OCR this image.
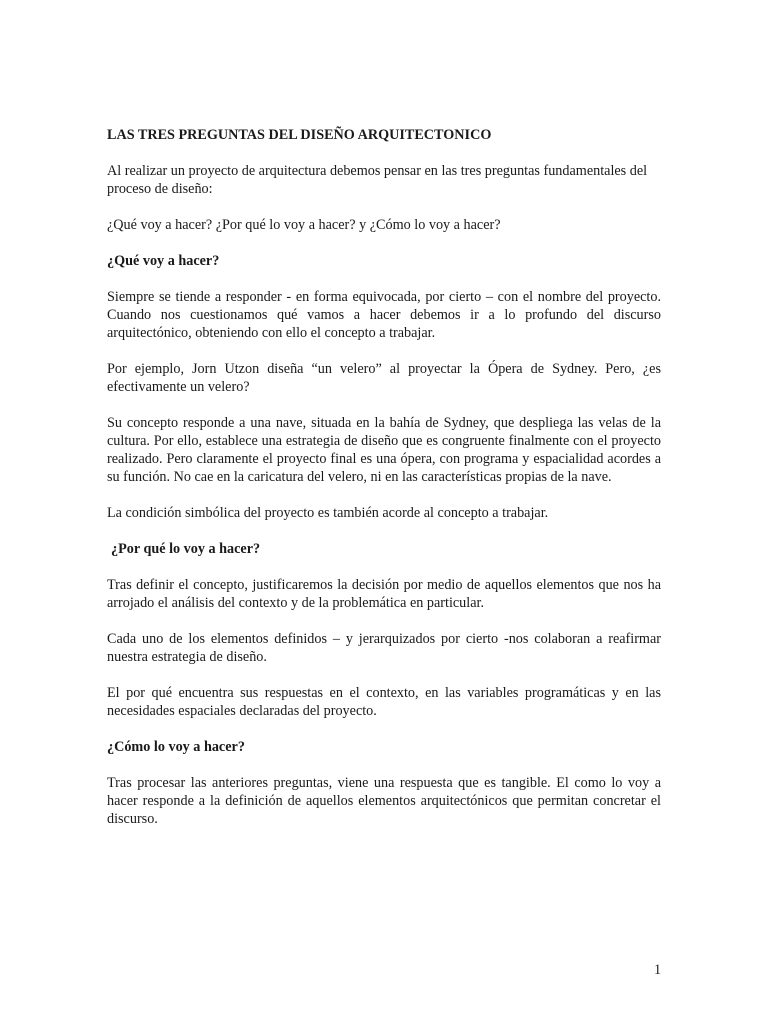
LAS TRES PREGUNTAS DEL DISEÑO ARQUITECTONICO

Al realizar un proyecto de arquitectura debemos pensar en las tres preguntas fundamentales del proceso de diseño:

¿Qué voy a hacer? ¿Por qué lo voy a hacer? y ¿Cómo lo voy a hacer?

¿Qué voy a hacer?

Siempre se tiende a responder - en forma equivocada, por cierto – con el nombre del proyecto. Cuando nos cuestionamos qué vamos a hacer debemos ir a lo profundo del discurso arquitectónico, obteniendo con ello el concepto a trabajar.

Por ejemplo, Jorn Utzon diseña “un velero” al proyectar la Ópera de Sydney. Pero, ¿es efectivamente un velero?

Su concepto responde a una nave, situada en la bahía de Sydney, que despliega las velas de la cultura. Por ello, establece una estrategia de diseño que es congruente finalmente con el proyecto realizado. Pero claramente el proyecto final es una ópera, con programa y espacialidad acordes a su función. No cae en la caricatura del velero, ni en las características propias de la nave.

La condición simbólica del proyecto es también acorde al concepto a trabajar.

¿Por qué lo voy a hacer?

Tras definir el concepto, justificaremos la decisión por medio de aquellos elementos que nos ha arrojado el análisis del contexto y de la problemática en particular.

Cada uno de los elementos definidos – y jerarquizados por cierto -nos colaboran a reafirmar nuestra estrategia de diseño.

El por qué encuentra sus respuestas en el contexto, en las variables programáticas y en las necesidades espaciales declaradas del proyecto.

¿Cómo lo voy a hacer?

Tras procesar las anteriores preguntas, viene una respuesta que es tangible. El como lo voy a hacer responde a la definición de aquellos elementos arquitectónicos que permitan concretar el discurso.

1
